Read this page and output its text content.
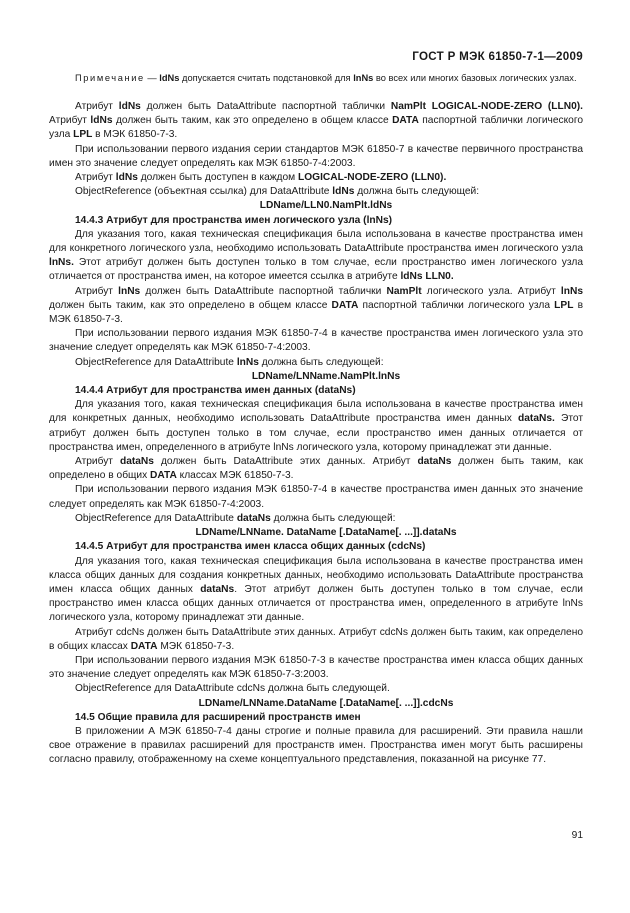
ГОСТ Р МЭК 61850-7-1—2009

Примечание — ldNs допускается считать подстановкой для lnNs во всех или многих базовых логических узлах.

Атрибут ldNs должен быть DataAttribute паспортной таблички NamPlt LOGICAL-NODE-ZERO (LLN0). Атрибут ldNs должен быть таким, как это определено в общем классе DATA паспортной таблички логического узла LPL в МЭК 61850-7-3.

При использовании первого издания серии стандартов МЭК 61850-7 в качестве первичного пространства имен это значение следует определять как МЭК 61850-7-4:2003.

Атрибут ldNs должен быть доступен в каждом LOGICAL-NODE-ZERO (LLN0).

ObjectReference (объектная ссылка) для DataAttribute ldNs должна быть следующей:

LDName/LLN0.NamPlt.ldNs

14.4.3 Атрибут для пространства имен логического узла (lnNs)

Для указания того, какая техническая спецификация была использована в качестве пространства имен для конкретного логического узла, необходимо использовать DataAttribute пространства имен логического узла lnNs. Этот атрибут должен быть доступен только в том случае, если пространство имен логического узла отличается от пространства имен, на которое имеется ссылка в атрибуте ldNs LLN0.

Атрибут lnNs должен быть DataAttribute паспортной таблички NamPlt логического узла. Атрибут lnNs должен быть таким, как это определено в общем классе DATA паспортной таблички логического узла LPL в МЭК 61850-7-3.

При использовании первого издания МЭК 61850-7-4 в качестве пространства имен логического узла это значение следует определять как МЭК 61850-7-4:2003.

ObjectReference для DataAttribute lnNs должна быть следующей:

LDName/LNName.NamPlt.lnNs

14.4.4 Атрибут для пространства имен данных (dataNs)

Для указания того, какая техническая спецификация была использована в качестве пространства имен для конкретных данных, необходимо использовать DataAttribute пространства имен данных dataNs. Этот атрибут должен быть доступен только в том случае, если пространство имен данных отличается от пространства имен, определенного в атрибуте lnNs логического узла, которому принадлежат эти данные.

Атрибут dataNs должен быть DataAttribute этих данных. Атрибут dataNs должен быть таким, как определено в общих DATA классах МЭК 61850-7-3.

При использовании первого издания МЭК 61850-7-4 в качестве пространства имен данных это значение следует определять как МЭК 61850-7-4:2003.

ObjectReference для DataAttribute dataNs должна быть следующей:

LDName/LNName. DataName [.DataName[. ...]].dataNs

14.4.5 Атрибут для пространства имен класса общих данных (cdcNs)

Для указания того, какая техническая спецификация была использована в качестве пространства имен класса общих данных для создания конкретных данных, необходимо использовать DataAttribute пространства имен класса общих данных dataNs. Этот атрибут должен быть доступен только в том случае, если пространство имен класса общих данных отличается от пространства имен, определенного в атрибуте lnNs логического узла, которому принадлежат эти данные.

Атрибут cdcNs должен быть DataAttribute этих данных. Атрибут cdcNs должен быть таким, как определено в общих классах DATA МЭК 61850-7-3.

При использовании первого издания МЭК 61850-7-3 в качестве пространства имен класса общих данных это значение следует определять как МЭК 61850-7-3:2003.

ObjectReference для DataAttribute cdcNs должна быть следующей.

LDName/LNName.DataName [.DataName[. ...]].cdcNs

14.5 Общие правила для расширений пространств имен

В приложении А МЭК 61850-7-4 даны строгие и полные правила для расширений. Эти правила нашли свое отражение в правилах расширений для пространств имен. Пространства имен могут быть расширены согласно правилу, отображенному на схеме концептуального представления, показанной на рисунке 77.

91
